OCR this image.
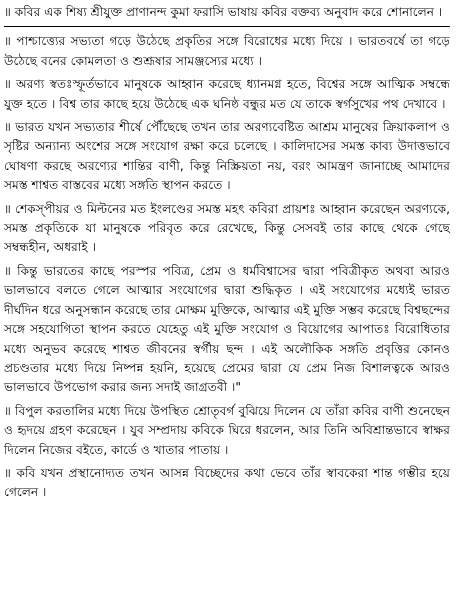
॥ কবির এক শিষ্য শ্রীযুক্ত প্রাণানন্দ কুমা ফরাসি ভাষায় কবির বক্তব্য অনুবাদ করে শোনালেন ।

॥ পাশ্চাত্ত্যের সভ্যতা গড়ে উঠেছে প্রকৃতির সঙ্গে বিরোধের মধ্যে দিয়ে । ভারতবর্ষে তা গড়ে উঠেছে বনের কোমলতা ও শুশ্রূষার সামঞ্জস্যের মধ্যে ।

॥ অরণ্য স্বতঃস্ফূর্তভাবে মানুষকে আহ্বান করেছে ধ্যানমগ্ন হতে, বিশ্বের সঙ্গে আত্মিক সম্বন্ধে যুক্ত হতে । বিশ্ব তার কাছে হয়ে উঠেছে এক ঘনিষ্ঠ বন্ধুর মত যে তাকে স্বর্গসুখের পথ দেখাবে ।

॥ ভারত যখন সভ্যতার শীর্ষে পৌঁছেছে তখন তার অরণ্যবেষ্টিত আশ্রম মানুষের ক্রিয়াকলাপ ও সৃষ্টির অন্যান্য অংশের সঙ্গে সংযোগ রক্ষা করে চলেছে । কালিদাসের সমস্ত কাব্য উদাত্তভাবে ঘোষণা করছে অরণ্যের শান্তির বাণী, কিন্তু নিস্ক্রিয়তা নয়, বরং আমন্ত্রণ জানাচ্ছে আমাদের সমস্ত শাশ্বত বাস্তবের মধ্যে সঙ্গতি স্থাপন করতে ।

॥ শেকস্‌পীয়র ও মিল্টনের মত ইংলণ্ডের সমস্ত মহৎ কবিরা প্রায়শঃ আহ্বান করেছেন অরণ্যকে, সমস্ত প্রকৃতিকে যা মানুষকে পরিবৃত করে রেখেছে, কিন্তু সেসবই তার কাছে থেকে গেছে সম্বন্ধহীন, অধরাই ।

॥ কিন্তু ভারতের কাছে পরস্পর পবিত্র, প্রেম ও ধর্মবিশ্বাসের দ্বারা পবিত্রীকৃত অথবা আরও ভালভাবে বলতে গেলে আত্মার সংযোগের দ্বারা শুদ্ধিকৃত । এই সংযোগের মধ্যেই ভারত দীর্ঘদিন ধরে অনুসন্ধান করেছে তার মোক্ষম মুক্তিকে, আত্মার এই মুক্তি সম্ভব করেছে বিশ্বছন্দের সঙ্গে সহযোগিতা স্থাপন করতে যেহেতু এই মুক্তি সংযোগ ও বিয়োগের আপাতঃ বিরোধিতার মধ্যে অনুভব করেছে শাশ্বত জীবনের স্বর্গীয় ছন্দ । এই অলৌকিক সঙ্গতি প্রবৃত্তির কোনও প্রচণ্ডতার মধ্যে দিয়ে নিষ্পন্ন হয়নি, হয়েছে প্রেমের দ্বারা যে প্রেম নিজ বিশালত্বকে আরও ভালভাবে উপভোগ করার জন্য সদাই জাগ্রতবী ।"

॥ বিপুল করতালির মধ্যে দিয়ে উপস্থিত শ্রোতৃবর্গ বুঝিয়ে দিলেন যে তাঁরা কবির বাণী শুনেছেন ও হৃদয়ে গ্রহণ করেছেন । যুব সম্প্রদায় কবিকে ঘিরে ধরলেন, আর তিনি অবিশ্রান্তভাবে স্বাক্ষর দিলেন নিজের বইতে, কার্ডে ও খাতার পাতায় ।

॥ কবি যখন প্রস্থানোদ্যত তখন আসন্ন বিচ্ছেদের কথা ভেবে তাঁর স্বাবকেরা শান্ত গম্ভীর হয়ে গেলেন ।
